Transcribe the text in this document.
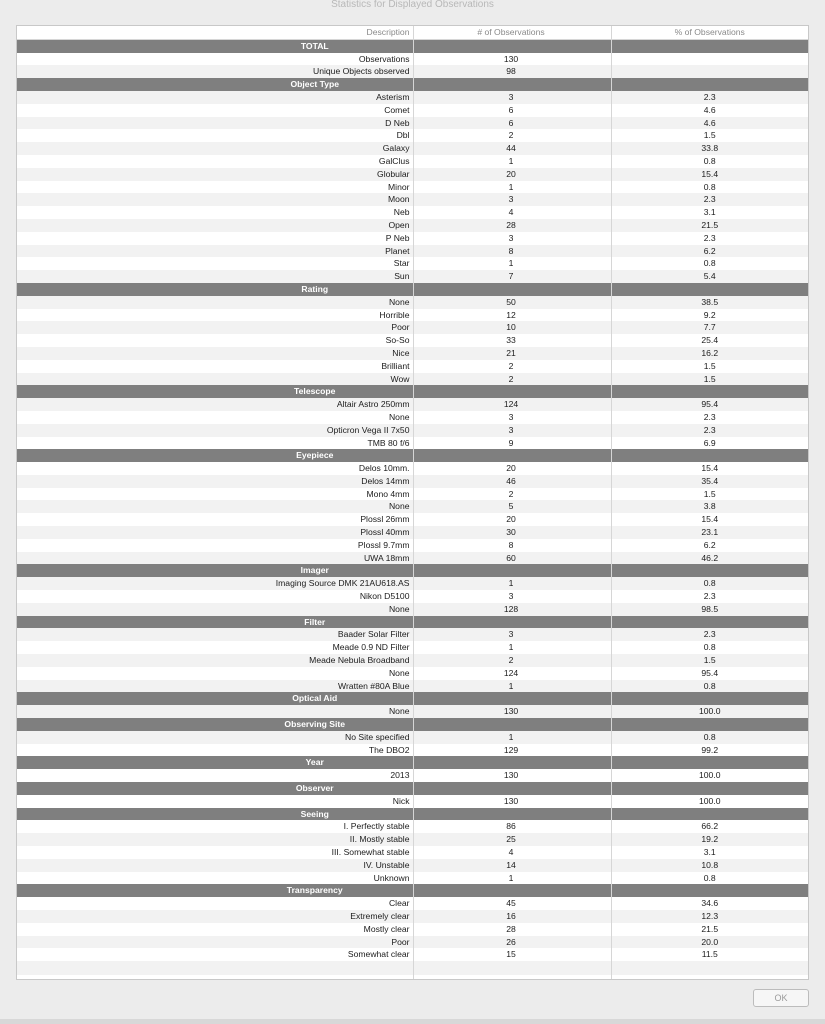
Statistics for Displayed Observations
Description	# of Observations	% of Observations
TOTAL		
Observations	130	
Unique Objects observed	98	
Object Type		
Asterism	3	2.3
Comet	6	4.6
D Neb	6	4.6
Dbl	2	1.5
Galaxy	44	33.8
GalClus	1	0.8
Globular	20	15.4
Minor	1	0.8
Moon	3	2.3
Neb	4	3.1
Open	28	21.5
P Neb	3	2.3
Planet	8	6.2
Star	1	0.8
Sun	7	5.4
Rating		
None	50	38.5
Horrible	12	9.2
Poor	10	7.7
So-So	33	25.4
Nice	21	16.2
Brilliant	2	1.5
Wow	2	1.5
Telescope		
Altair Astro 250mm	124	95.4
None	3	2.3
Opticron Vega II 7x50	3	2.3
TMB 80 f/6	9	6.9
Eyepiece		
Delos 10mm.	20	15.4
Delos 14mm	46	35.4
Mono 4mm	2	1.5
None	5	3.8
Plossl 26mm	20	15.4
Plossl 40mm	30	23.1
Plossl 9.7mm	8	6.2
UWA 18mm	60	46.2
Imager		
Imaging Source DMK 21AU618.AS	1	0.8
Nikon D5100	3	2.3
None	128	98.5
Filter		
Baader Solar Filter	3	2.3
Meade 0.9 ND Filter	1	0.8
Meade Nebula Broadband	2	1.5
None	124	95.4
Wratten #80A Blue	1	0.8
Optical Aid		
None	130	100.0
Observing Site		
No Site specified	1	0.8
The DBO2	129	99.2
Year		
2013	130	100.0
Observer		
Nick	130	100.0
Seeing		
I. Perfectly stable	86	66.2
II. Mostly stable	25	19.2
III. Somewhat stable	4	3.1
IV. Unstable	14	10.8
Unknown	1	0.8
Transparency		
Clear	45	34.6
Extremely clear	16	12.3
Mostly clear	28	21.5
Poor	26	20.0
Somewhat clear	15	11.5

OK
